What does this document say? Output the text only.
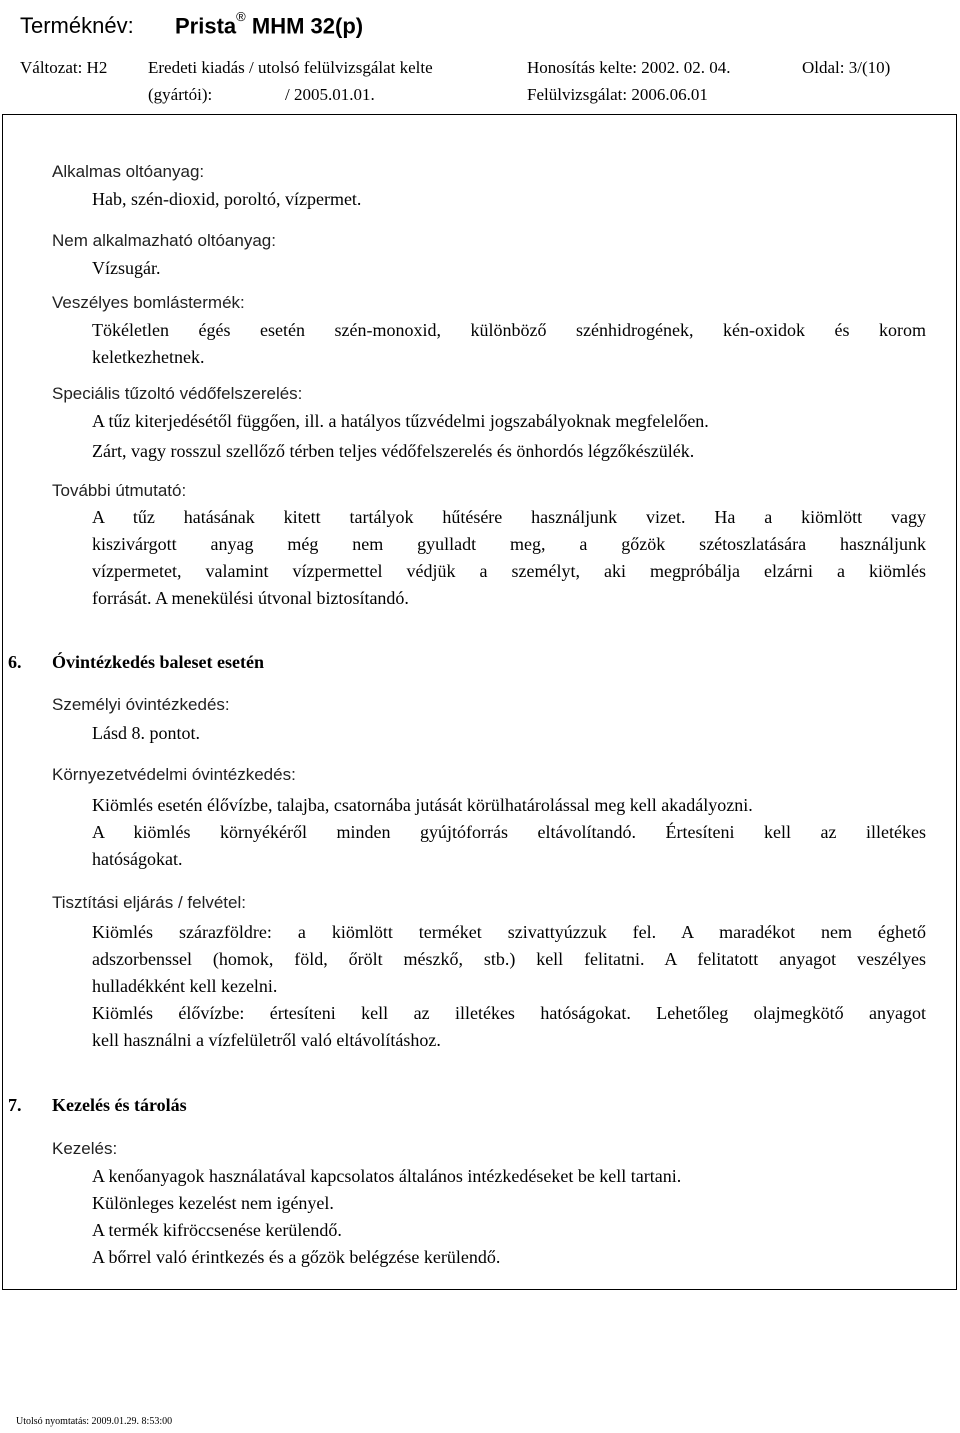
Terméknév: Prista® MHM 32(p)
Változat: H2 Eredeti kiadás / utolsó felülvizsgálat kelte	Honosítás kelte: 2002. 02. 04.	Oldal: 3/(10)
(gyártói):	/ 2005.01.01.	Felülvizsgálat: 2006.06.01
Alkalmas oltóanyag:
Hab, szén-dioxid, poroltó, vízpermet.
Nem alkalmazható oltóanyag:
Vízsugár.
Veszélyes bomlástermék:
Tökéletlen égés esetén szén-monoxid, különböző szénhidrogének, kén-oxidok és korom
keletkezhetnek.
Speciális tűzoltó védőfelszerelés:
A tűz kiterjedésétől függően, ill. a hatályos tűzvédelmi jogszabályoknak megfelelően.
Zárt, vagy rosszul szellőző térben teljes védőfelszerelés és önhordós légzőkészülék.
További útmutató:
A tűz hatásának kitett tartályok hűtésére használjunk vizet. Ha a kiömlött vagy
kiszivárgott anyag még nem gyulladt meg, a gőzök szétoszlatására használjunk
vízpermetet, valamint vízpermettel védjük a személyt, aki megpróbálja elzárni a kiömlés
forrását. A menekülési útvonal biztosítandó.
6. Óvintézkedés baleset esetén
Személyi óvintézkedés:
Lásd 8. pontot.
Környezetvédelmi óvintézkedés:
Kiömlés esetén élővízbe, talajba, csatornába jutását körülhatárolással meg kell akadályozni.
A kiömlés környékéről minden gyújtóforrás eltávolítandó. Értesíteni kell az illetékes
hatóságokat.
Tisztítási eljárás / felvétel:
Kiömlés szárazföldre: a kiömlött terméket szivattyúzzuk fel. A maradékot nem éghető
adszorbenssel (homok, föld, őrölt mészkő, stb.) kell felitatni. A felitatott anyagot veszélyes
hulladékként kell kezelni.
Kiömlés élővízbe: értesíteni kell az illetékes hatóságokat. Lehetőleg olajmegkötő anyagot
kell használni a vízfelületről való eltávolításhoz.
7. Kezelés és tárolás
Kezelés:
A kenőanyagok használatával kapcsolatos általános intézkedéseket be kell tartani.
Különleges kezelést nem igényel.
A termék kifröccsenése kerülendő.
A bőrrel való érintkezés és a gőzök belégzése kerülendő.
Utolsó nyomtatás: 2009.01.29. 8:53:00
